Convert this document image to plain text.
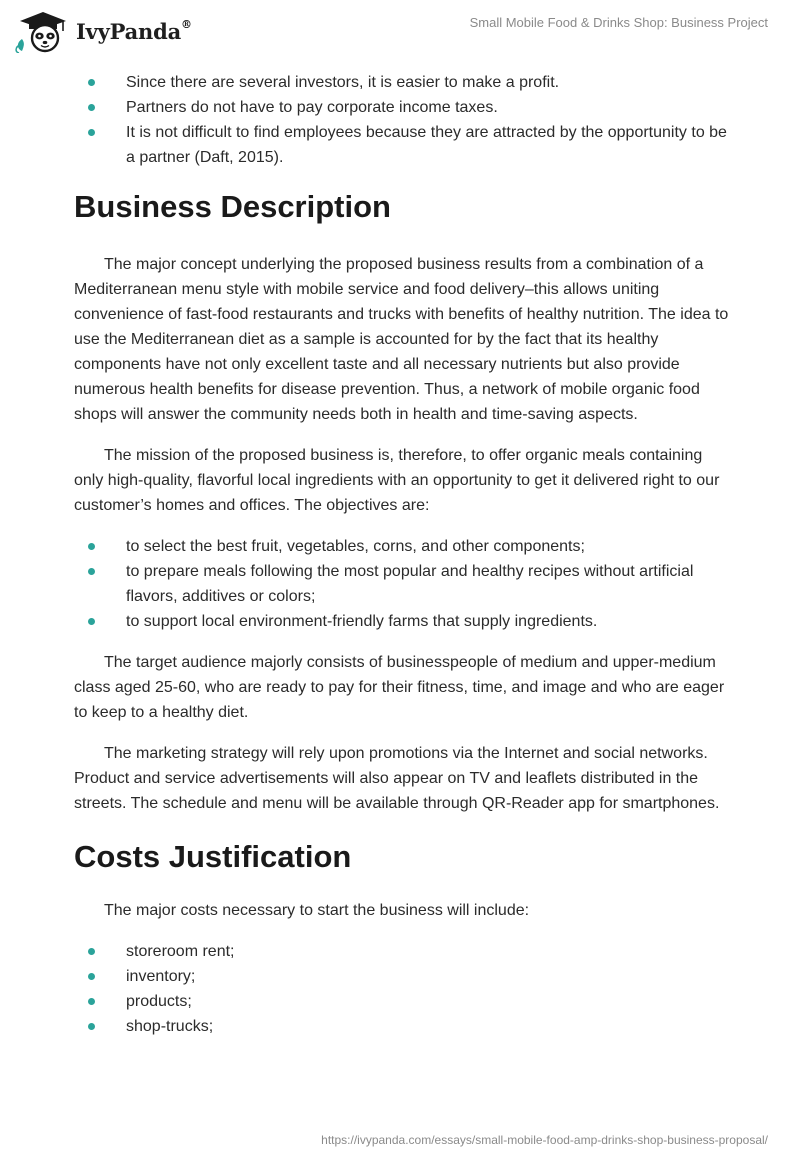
IvyPanda®	Small Mobile Food & Drinks Shop: Business Project
Since there are several investors, it is easier to make a profit.
Partners do not have to pay corporate income taxes.
It is not difficult to find employees because they are attracted by the opportunity to be a partner (Daft, 2015).
Business Description

The major concept underlying the proposed business results from a combination of a Mediterranean menu style with mobile service and food delivery–this allows uniting convenience of fast-food restaurants and trucks with benefits of healthy nutrition. The idea to use the Mediterranean diet as a sample is accounted for by the fact that its healthy components have not only excellent taste and all necessary nutrients but also provide numerous health benefits for disease prevention. Thus, a network of mobile organic food shops will answer the community needs both in health and time-saving aspects.

The mission of the proposed business is, therefore, to offer organic meals containing only high-quality, flavorful local ingredients with an opportunity to get it delivered right to our customer’s homes and offices. The objectives are:

to select the best fruit, vegetables, corns, and other components;
to prepare meals following the most popular and healthy recipes without artificial flavors, additives or colors;
to support local environment-friendly farms that supply ingredients.

The target audience majorly consists of businesspeople of medium and upper-medium class aged 25-60, who are ready to pay for their fitness, time, and image and who are eager to keep to a healthy diet.

The marketing strategy will rely upon promotions via the Internet and social networks. Product and service advertisements will also appear on TV and leaflets distributed in the streets. The schedule and menu will be available through QR-Reader app for smartphones.

Costs Justification

The major costs necessary to start the business will include:

storeroom rent;
inventory;
products;
shop-trucks;
https://ivypanda.com/essays/small-mobile-food-amp-drinks-shop-business-proposal/
